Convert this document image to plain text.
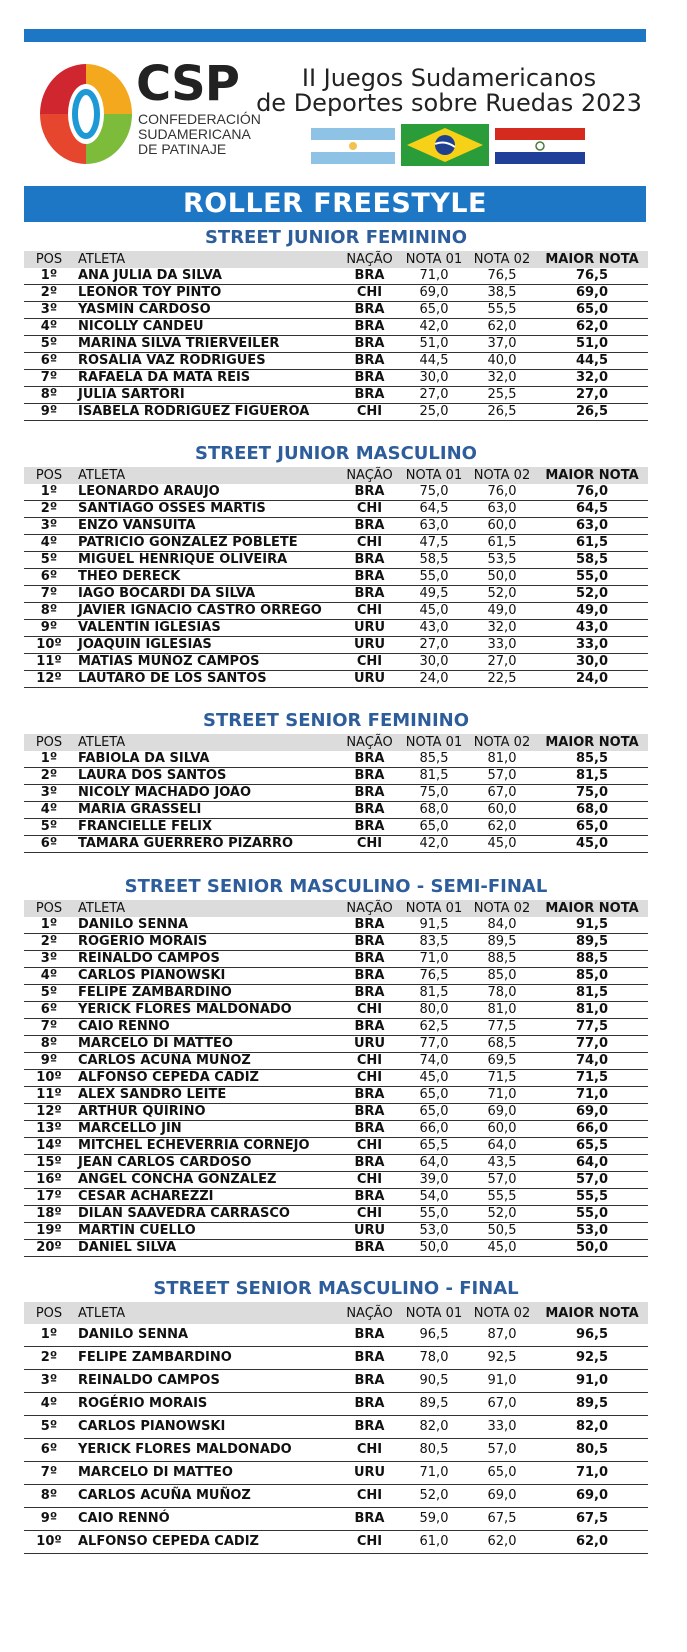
CSP
CONFEDERACIÓN
SUDAMERICANA
DE PATINAJE
II Juegos Sudamericanos
de Deportes sobre Ruedas 2023
ROLLER FREESTYLE
STREET JUNIOR FEMININO
POS	ATLETA	NAÇÃO	NOTA 01	NOTA 02	MAIOR NOTA
1º	ANA JULIA DA SILVA	BRA	71,0	76,5	76,5
2º	LEONOR TOY PINTO	CHI	69,0	38,5	69,0
3º	YASMIN CARDOSO	BRA	65,0	55,5	65,0
4º	NICOLLY CANDEU	BRA	42,0	62,0	62,0
5º	MARINA SILVA TRIERVEILER	BRA	51,0	37,0	51,0
6º	ROSÁLIA VAZ RODRIGUES	BRA	44,5	40,0	44,5
7º	RAFAELA DA MATA REIS	BRA	30,0	32,0	32,0
8º	JULIA SARTORI	BRA	27,0	25,5	27,0
9º	ISABELA RODRIGUEZ FIGUEROA	CHI	25,0	26,5	26,5
STREET JUNIOR MASCULINO
POS	ATLETA	NAÇÃO	NOTA 01	NOTA 02	MAIOR NOTA
1º	LEONARDO ARAÚJO	BRA	75,0	76,0	76,0
2º	SANTIAGO OSSES MARTIS	CHI	64,5	63,0	64,5
3º	ENZO VANSUITA	BRA	63,0	60,0	63,0
4º	PATRICIO GONZALEZ POBLETE	CHI	47,5	61,5	61,5
5º	MIGUEL HENRIQUE OLIVEIRA	BRA	58,5	53,5	58,5
6º	THÉO DERECK	BRA	55,0	50,0	55,0
7º	IAGO BOCARDI DA SILVA	BRA	49,5	52,0	52,0
8º	JAVIER IGNACIO CASTRO ORREGO	CHI	45,0	49,0	49,0
9º	VALENTIN IGLESIAS	URU	43,0	32,0	43,0
10º	JOAQUIN IGLESIAS	URU	27,0	33,0	33,0
11º	MATIAS MUÑOZ CAMPOS	CHI	30,0	27,0	30,0
12º	LAUTARO DE LOS SANTOS	URU	24,0	22,5	24,0
STREET SENIOR FEMININO
POS	ATLETA	NAÇÃO	NOTA 01	NOTA 02	MAIOR NOTA
1º	FABIOLA DA SILVA	BRA	85,5	81,0	85,5
2º	LAURA DOS SANTOS	BRA	81,5	57,0	81,5
3º	NICOLY MACHADO JOÃO	BRA	75,0	67,0	75,0
4º	MARIA GRASSELI	BRA	68,0	60,0	68,0
5º	FRANCIELLE FELIX	BRA	65,0	62,0	65,0
6º	TAMARA GUERRERO PIZARRO	CHI	42,0	45,0	45,0
STREET SENIOR MASCULINO - SEMI-FINAL
POS	ATLETA	NAÇÃO	NOTA 01	NOTA 02	MAIOR NOTA
1º	DANILO SENNA	BRA	91,5	84,0	91,5
2º	ROGÉRIO MORAIS	BRA	83,5	89,5	89,5
3º	REINALDO CAMPOS	BRA	71,0	88,5	88,5
4º	CARLOS PIANOWSKI	BRA	76,5	85,0	85,0
5º	FELIPE ZAMBARDINO	BRA	81,5	78,0	81,5
6º	YERICK FLORES MALDONADO	CHI	80,0	81,0	81,0
7º	CAIO RENNÓ	BRA	62,5	77,5	77,5
8º	MARCELO DI MATTEO	URU	77,0	68,5	77,0
9º	CARLOS ACUÑA MUÑOZ	CHI	74,0	69,5	74,0
10º	ALFONSO CEPEDA CADIZ	CHI	45,0	71,5	71,5
11º	ALEX SANDRO LEITE	BRA	65,0	71,0	71,0
12º	ARTHUR QUIRINO	BRA	65,0	69,0	69,0
13º	MARCELLO JIN	BRA	66,0	60,0	66,0
14º	MITCHEL ECHEVERRIA CORNEJO	CHI	65,5	64,0	65,5
15º	JEAN CARLOS CARDOSO	BRA	64,0	43,5	64,0
16º	ANGEL CONCHA GONZALEZ	CHI	39,0	57,0	57,0
17º	CESAR ACHAREZZI	BRA	54,0	55,5	55,5
18º	DILAN SAAVEDRA CARRASCO	CHI	55,0	52,0	55,0
19º	MARTIN CUELLO	URU	53,0	50,5	53,0
20º	DANIEL SILVA	BRA	50,0	45,0	50,0
STREET SENIOR MASCULINO - FINAL
POS	ATLETA	NAÇÃO	NOTA 01	NOTA 02	MAIOR NOTA
1º	DANILO SENNA	BRA	96,5	87,0	96,5
2º	FELIPE ZAMBARDINO	BRA	78,0	92,5	92,5
3º	REINALDO CAMPOS	BRA	90,5	91,0	91,0
4º	ROGÉRIO MORAIS	BRA	89,5	67,0	89,5
5º	CARLOS PIANOWSKI	BRA	82,0	33,0	82,0
6º	YERICK FLORES MALDONADO	CHI	80,5	57,0	80,5
7º	MARCELO DI MATTEO	URU	71,0	65,0	71,0
8º	CARLOS ACUÑA MUÑOZ	CHI	52,0	69,0	69,0
9º	CAIO RENNÓ	BRA	59,0	67,5	67,5
10º	ALFONSO CEPEDA CADIZ	CHI	61,0	62,0	62,0
